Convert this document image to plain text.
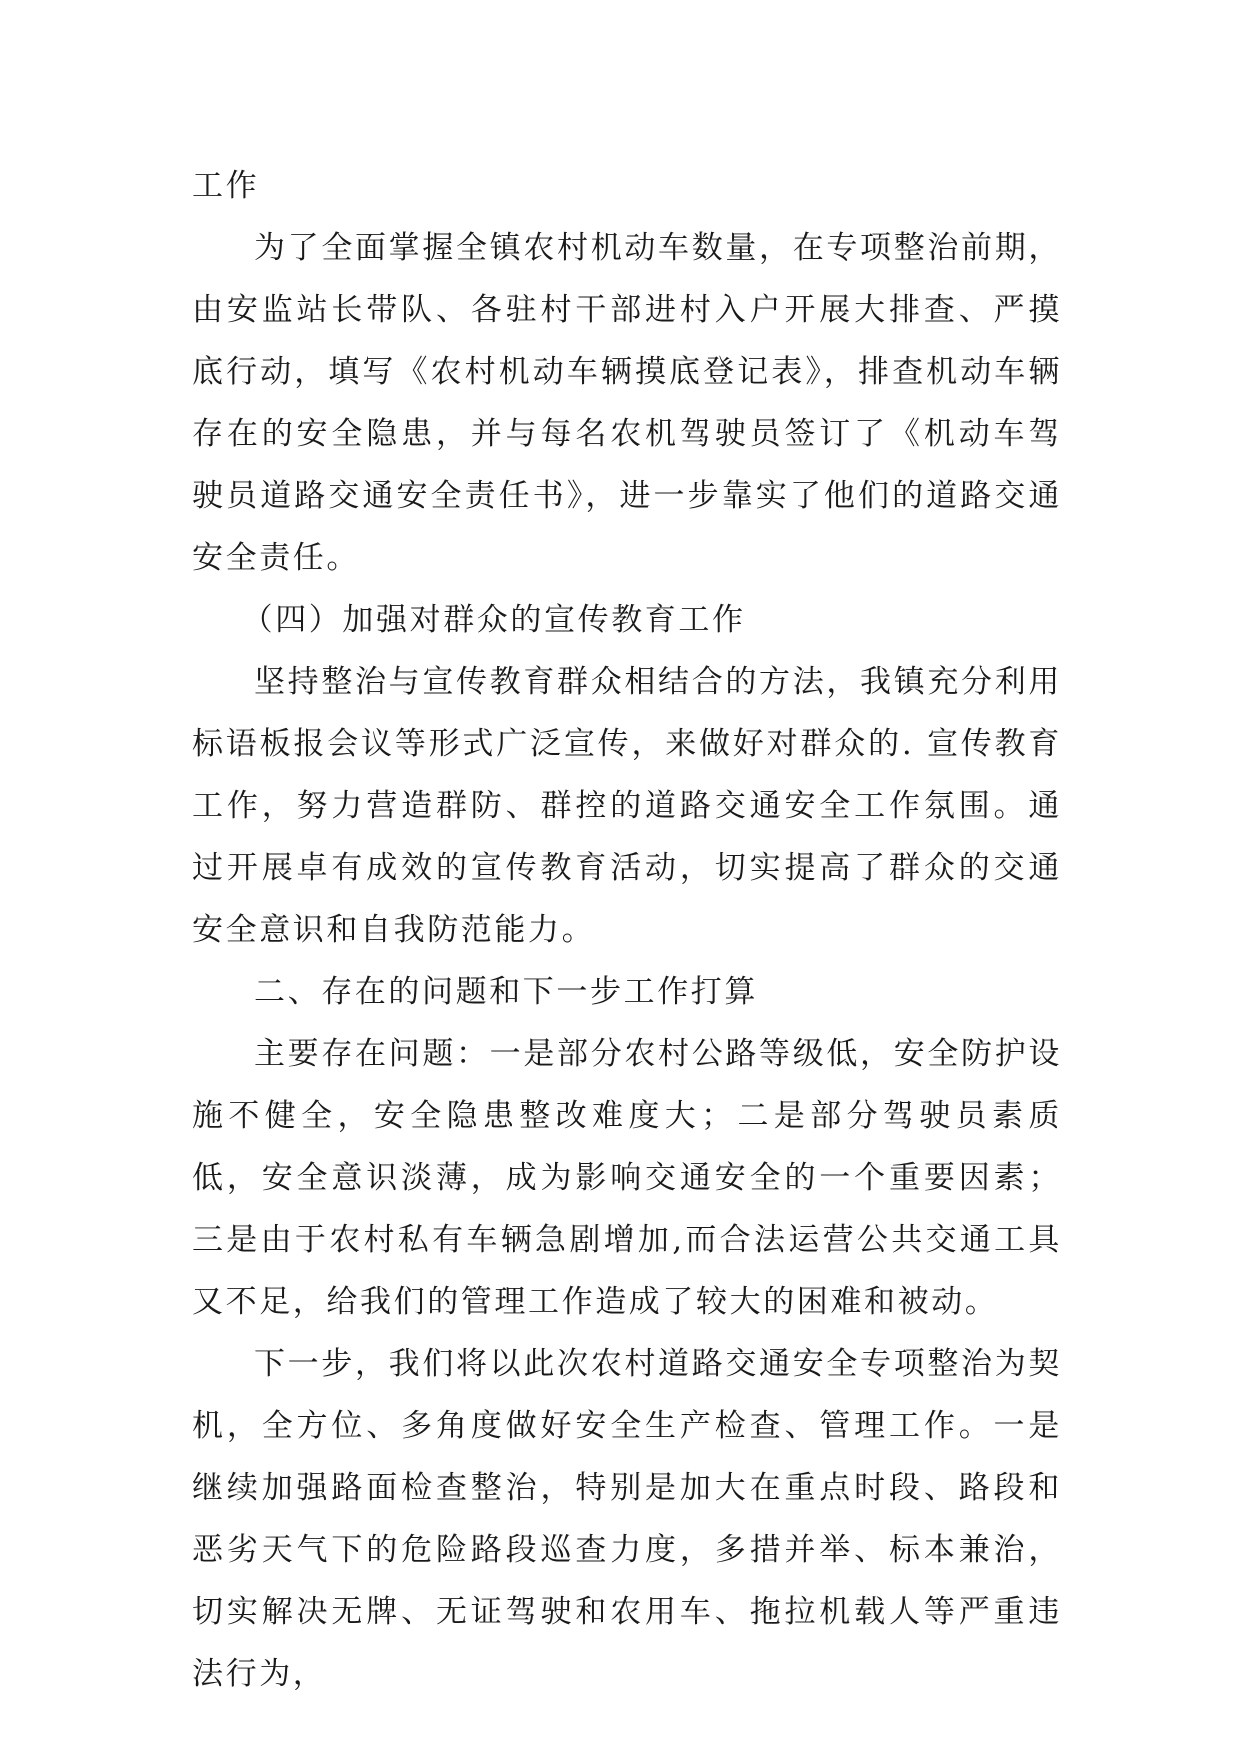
工作

为了全面掌握全镇农村机动车数量，在专项整治前期，由安监站长带队、各驻村干部进村入户开展大排查、严摸底行动，填写《农村机动车辆摸底登记表》，排查机动车辆存在的安全隐患，并与每名农机驾驶员签订了《机动车驾驶员道路交通安全责任书》，进一步靠实了他们的道路交通安全责任。

（四）加强对群众的宣传教育工作

坚持整治与宣传教育群众相结合的方法，我镇充分利用标语板报会议等形式广泛宣传，来做好对群众的. 宣传教育工作，努力营造群防、群控的道路交通安全工作氛围。通过开展卓有成效的宣传教育活动，切实提高了群众的交通安全意识和自我防范能力。

二、存在的问题和下一步工作打算

主要存在问题：一是部分农村公路等级低，安全防护设施不健全，安全隐患整改难度大；二是部分驾驶员素质低，安全意识淡薄，成为影响交通安全的一个重要因素；三是由于农村私有车辆急剧增加,而合法运营公共交通工具又不足，给我们的管理工作造成了较大的困难和被动。

下一步，我们将以此次农村道路交通安全专项整治为契机，全方位、多角度做好安全生产检查、管理工作。一是继续加强路面检查整治，特别是加大在重点时段、路段和恶劣天气下的危险路段巡查力度，多措并举、标本兼治，切实解决无牌、无证驾驶和农用车、拖拉机载人等严重违法行为，
